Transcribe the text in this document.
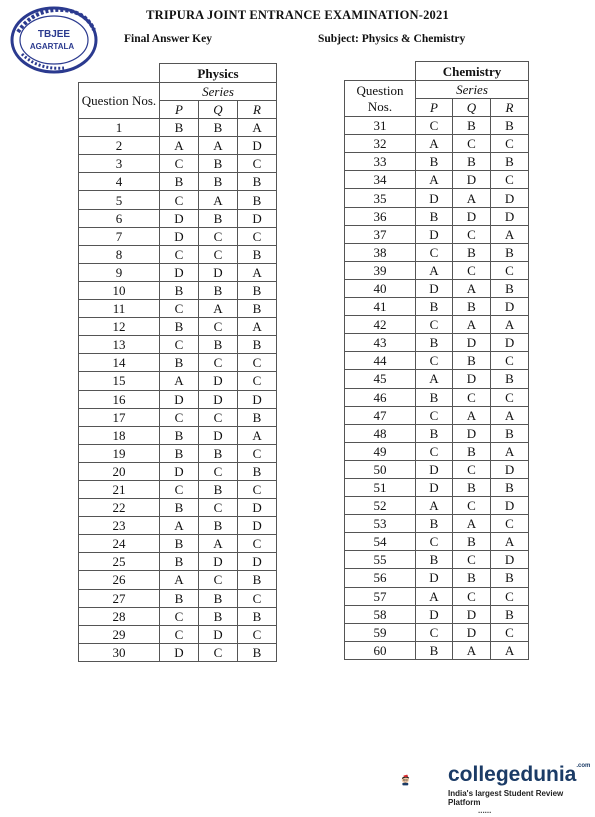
TBJEE
AGARTALA
TRIPURA JOINT ENTRANCE EXAMINATION-2021
Final Answer Key	Subject: Physics & Chemistry
	Physics		
Question Nos.	Series		
	P	Q	R
1	B	B	A
2	A	A	D
3	C	B	C
4	B	B	B
5	C	A	B
6	D	B	D
7	D	C	C
8	C	C	B
9	D	D	A
10	B	B	B
11	C	A	B
12	B	C	A
13	C	B	B
14	B	C	C
15	A	D	C
16	D	D	D
17	C	C	B
18	B	D	A
19	B	B	C
20	D	C	B
21	C	B	C
22	B	C	D
23	A	B	D
24	B	A	C
25	B	D	D
26	A	C	B
27	B	B	C
28	C	B	B
29	C	D	C
30	D	C	B
	Chemistry		
Question Nos.	Series		
	P	Q	R
31	C	B	B
32	A	C	C
33	B	B	B
34	A	D	C
35	D	A	D
36	B	D	D
37	D	C	A
38	C	B	B
39	A	C	C
40	D	A	B
41	B	B	D
42	C	A	A
43	B	D	D
44	C	B	C
45	A	D	B
46	B	C	C
47	C	A	A
48	B	D	B
49	C	B	A
50	D	C	D
51	D	B	B
52	A	C	D
53	B	A	C
54	C	B	A
55	B	C	D
56	D	B	B
57	A	C	C
58	D	D	B
59	C	D	C
60	B	A	A
collegedunia$^{.com}$
India's largest Student Review Platform
......
